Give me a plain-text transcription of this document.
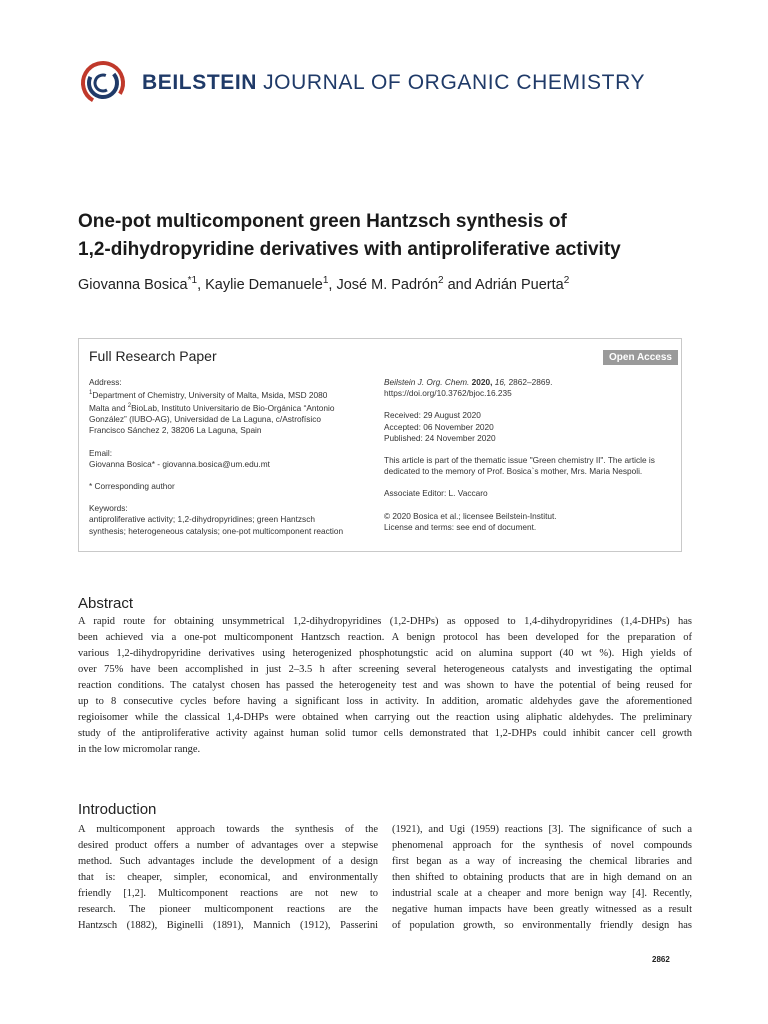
BEILSTEIN JOURNAL OF ORGANIC CHEMISTRY
One-pot multicomponent green Hantzsch synthesis of
1,2-dihydropyridine derivatives with antiproliferative activity
Giovanna Bosica$^{*1}$, Kaylie Demanuele$^1$, José M. Padrón$^2$ and Adrián Puerta$^2$
Full Research Paper	Open Access

Address:
$^1$Department of Chemistry, University of Malta, Msida, MSD 2080
Malta and $^2$BioLab, Instituto Universitario de Bio-Orgánica “Antonio
González” (IUBO-AG), Universidad de La Laguna, c/Astrofísico
Francisco Sánchez 2, 38206 La Laguna, Spain

Email:
Giovanna Bosica* - giovanna.bosica@um.edu.mt

* Corresponding author

Keywords:
antiproliferative activity; 1,2-dihydropyridines; green Hantzsch
synthesis; heterogeneous catalysis; one-pot multicomponent reaction

Beilstein J. Org. Chem. 2020, 16, 2862–2869.
https://doi.org/10.3762/bjoc.16.235

Received: 29 August 2020
Accepted: 06 November 2020
Published: 24 November 2020

This article is part of the thematic issue "Green chemistry II". The article is
dedicated to the memory of Prof. Bosica`s mother, Mrs. Maria Nespoli.

Associate Editor: L. Vaccaro

© 2020 Bosica et al.; licensee Beilstein-Institut.
License and terms: see end of document.

Abstract
A rapid route for obtaining unsymmetrical 1,2-dihydropyridines (1,2-DHPs) as opposed to 1,4-dihydropyridines (1,4-DHPs) has
been achieved via a one-pot multicomponent Hantzsch reaction. A benign protocol has been developed for the preparation of
various 1,2-dihydropyridine derivatives using heterogenized phosphotungstic acid on alumina support (40 wt %). High yields of
over 75% have been accomplished in just 2–3.5 h after screening several heterogeneous catalysts and investigating the optimal
reaction conditions. The catalyst chosen has passed the heterogeneity test and was shown to have the potential of being reused for
up to 8 consecutive cycles before having a significant loss in activity. In addition, aromatic aldehydes gave the aforementioned
regioisomer while the classical 1,4-DHPs were obtained when carrying out the reaction using aliphatic aldehydes. The preliminary
study of the antiproliferative activity against human solid tumor cells demonstrated that 1,2-DHPs could inhibit cancer cell growth
in the low micromolar range.
Introduction
A multicomponent approach towards the synthesis of the
desired product offers a number of advantages over a stepwise
method. Such advantages include the development of a design
that is: cheaper, simpler, economical, and environmentally
friendly [1,2]. Multicomponent reactions are not new to
research. The pioneer multicomponent reactions are the
Hantzsch (1882), Biginelli (1891), Mannich (1912), Passerini
(1921), and Ugi (1959) reactions [3]. The significance of such a
phenomenal approach for the synthesis of novel compounds
first began as a way of increasing the chemical libraries and
then shifted to obtaining products that are in high demand on an
industrial scale at a cheaper and more benign way [4]. Recently,
negative human impacts have been greatly witnessed as a result
of population growth, so environmentally friendly design has
2862
